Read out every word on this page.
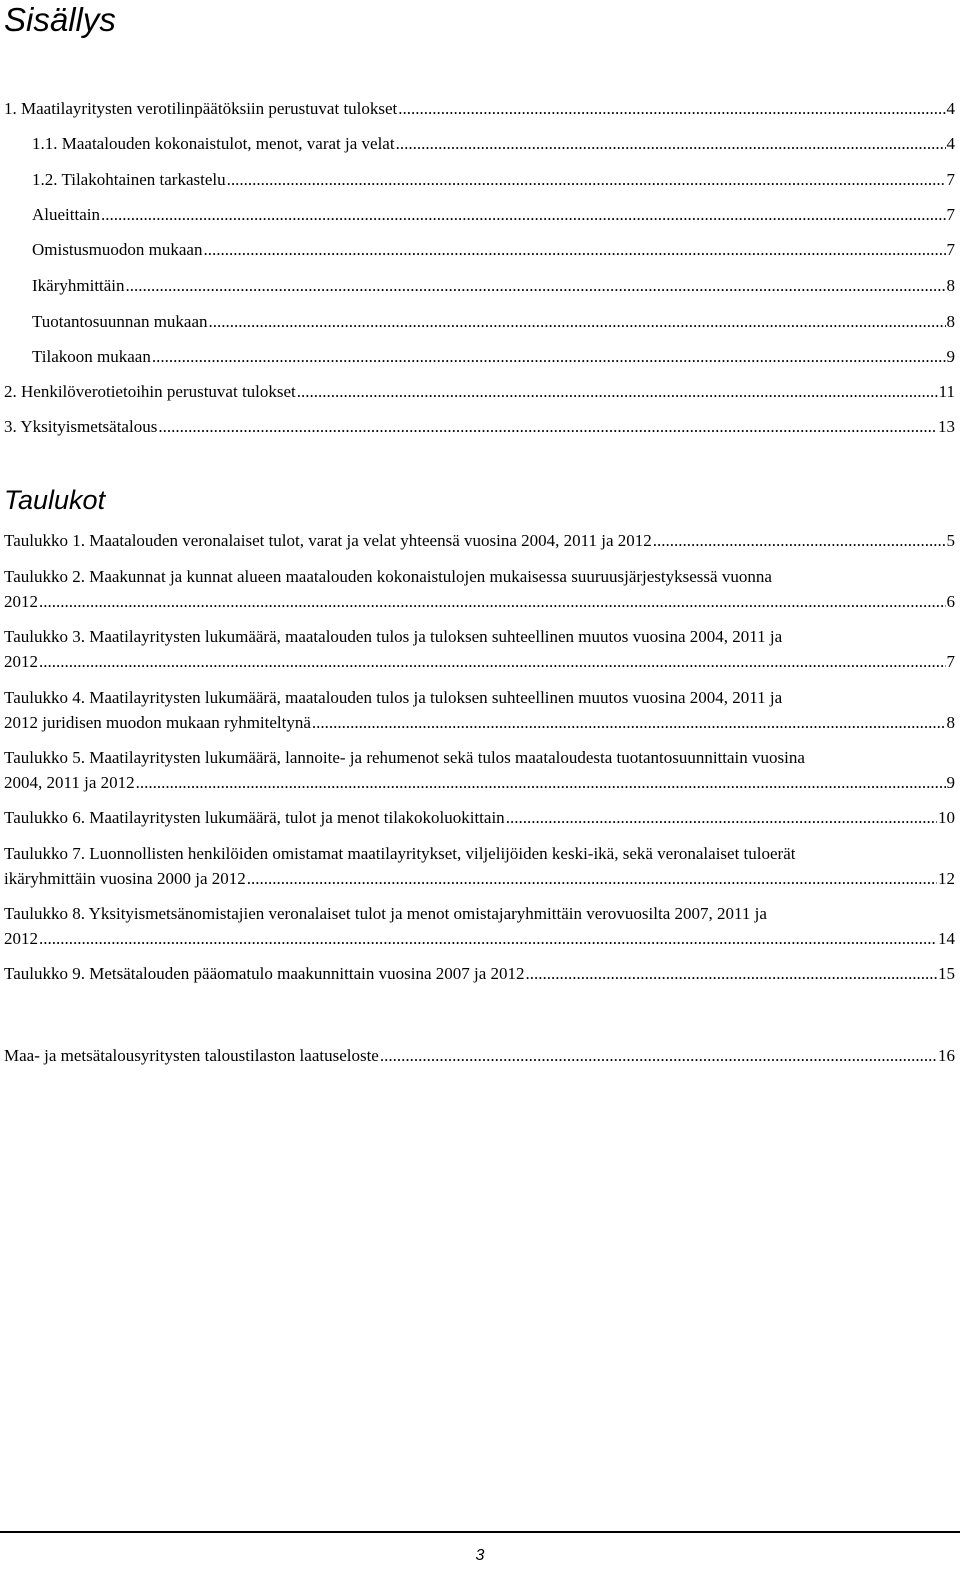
Sisällys
1. Maatilayritysten verotilinpäätöksiin perustuvat tulokset .....	4
1.1. Maatalouden kokonaistulot, menot, varat ja velat .....	4
1.2. Tilakohtainen tarkastelu .....	7
Alueittain .....	7
Omistusmuodon mukaan .....	7
Ikäryhmittäin .....	8
Tuotantosuunnan mukaan .....	8
Tilakoon mukaan .....	9
2. Henkilöverotietoihin perustuvat tulokset .....	11
3. Yksityismetsätalous .....	13
Taulukot
Taulukko 1. Maatalouden veronalaiset tulot, varat ja velat yhteensä vuosina 2004, 2011 ja 2012 .....	5
Taulukko 2. Maakunnat ja kunnat alueen maatalouden kokonaistulojen mukaisessa suuruusjärjestyksessä vuonna
2012 .....	6
Taulukko 3. Maatilayritysten lukumäärä, maatalouden tulos ja tuloksen suhteellinen muutos vuosina 2004, 2011 ja
2012 .....	7
Taulukko 4. Maatilayritysten lukumäärä, maatalouden tulos ja tuloksen suhteellinen muutos vuosina 2004, 2011 ja
2012 juridisen muodon mukaan ryhmiteltynä .....	8
Taulukko 5. Maatilayritysten lukumäärä, lannoite- ja rehumenot sekä tulos maataloudesta tuotantosuunnittain vuosina
2004, 2011 ja 2012 .....	9
Taulukko 6. Maatilayritysten lukumäärä, tulot ja menot tilakokoluokittain .....	10
Taulukko 7. Luonnollisten henkilöiden omistamat maatilayritykset, viljelijöiden keski-ikä, sekä veronalaiset tuloerät
ikäryhmittäin vuosina 2000 ja 2012 .....	12
Taulukko 8. Yksityismetsänomistajien veronalaiset tulot ja menot omistajaryhmittäin verovuosilta 2007, 2011 ja
2012 .....	14
Taulukko 9. Metsätalouden pääomatulo maakunnittain vuosina 2007 ja 2012 .....	15
Maa- ja metsätalousyritysten taloustilaston laatuseloste .....	16
3
